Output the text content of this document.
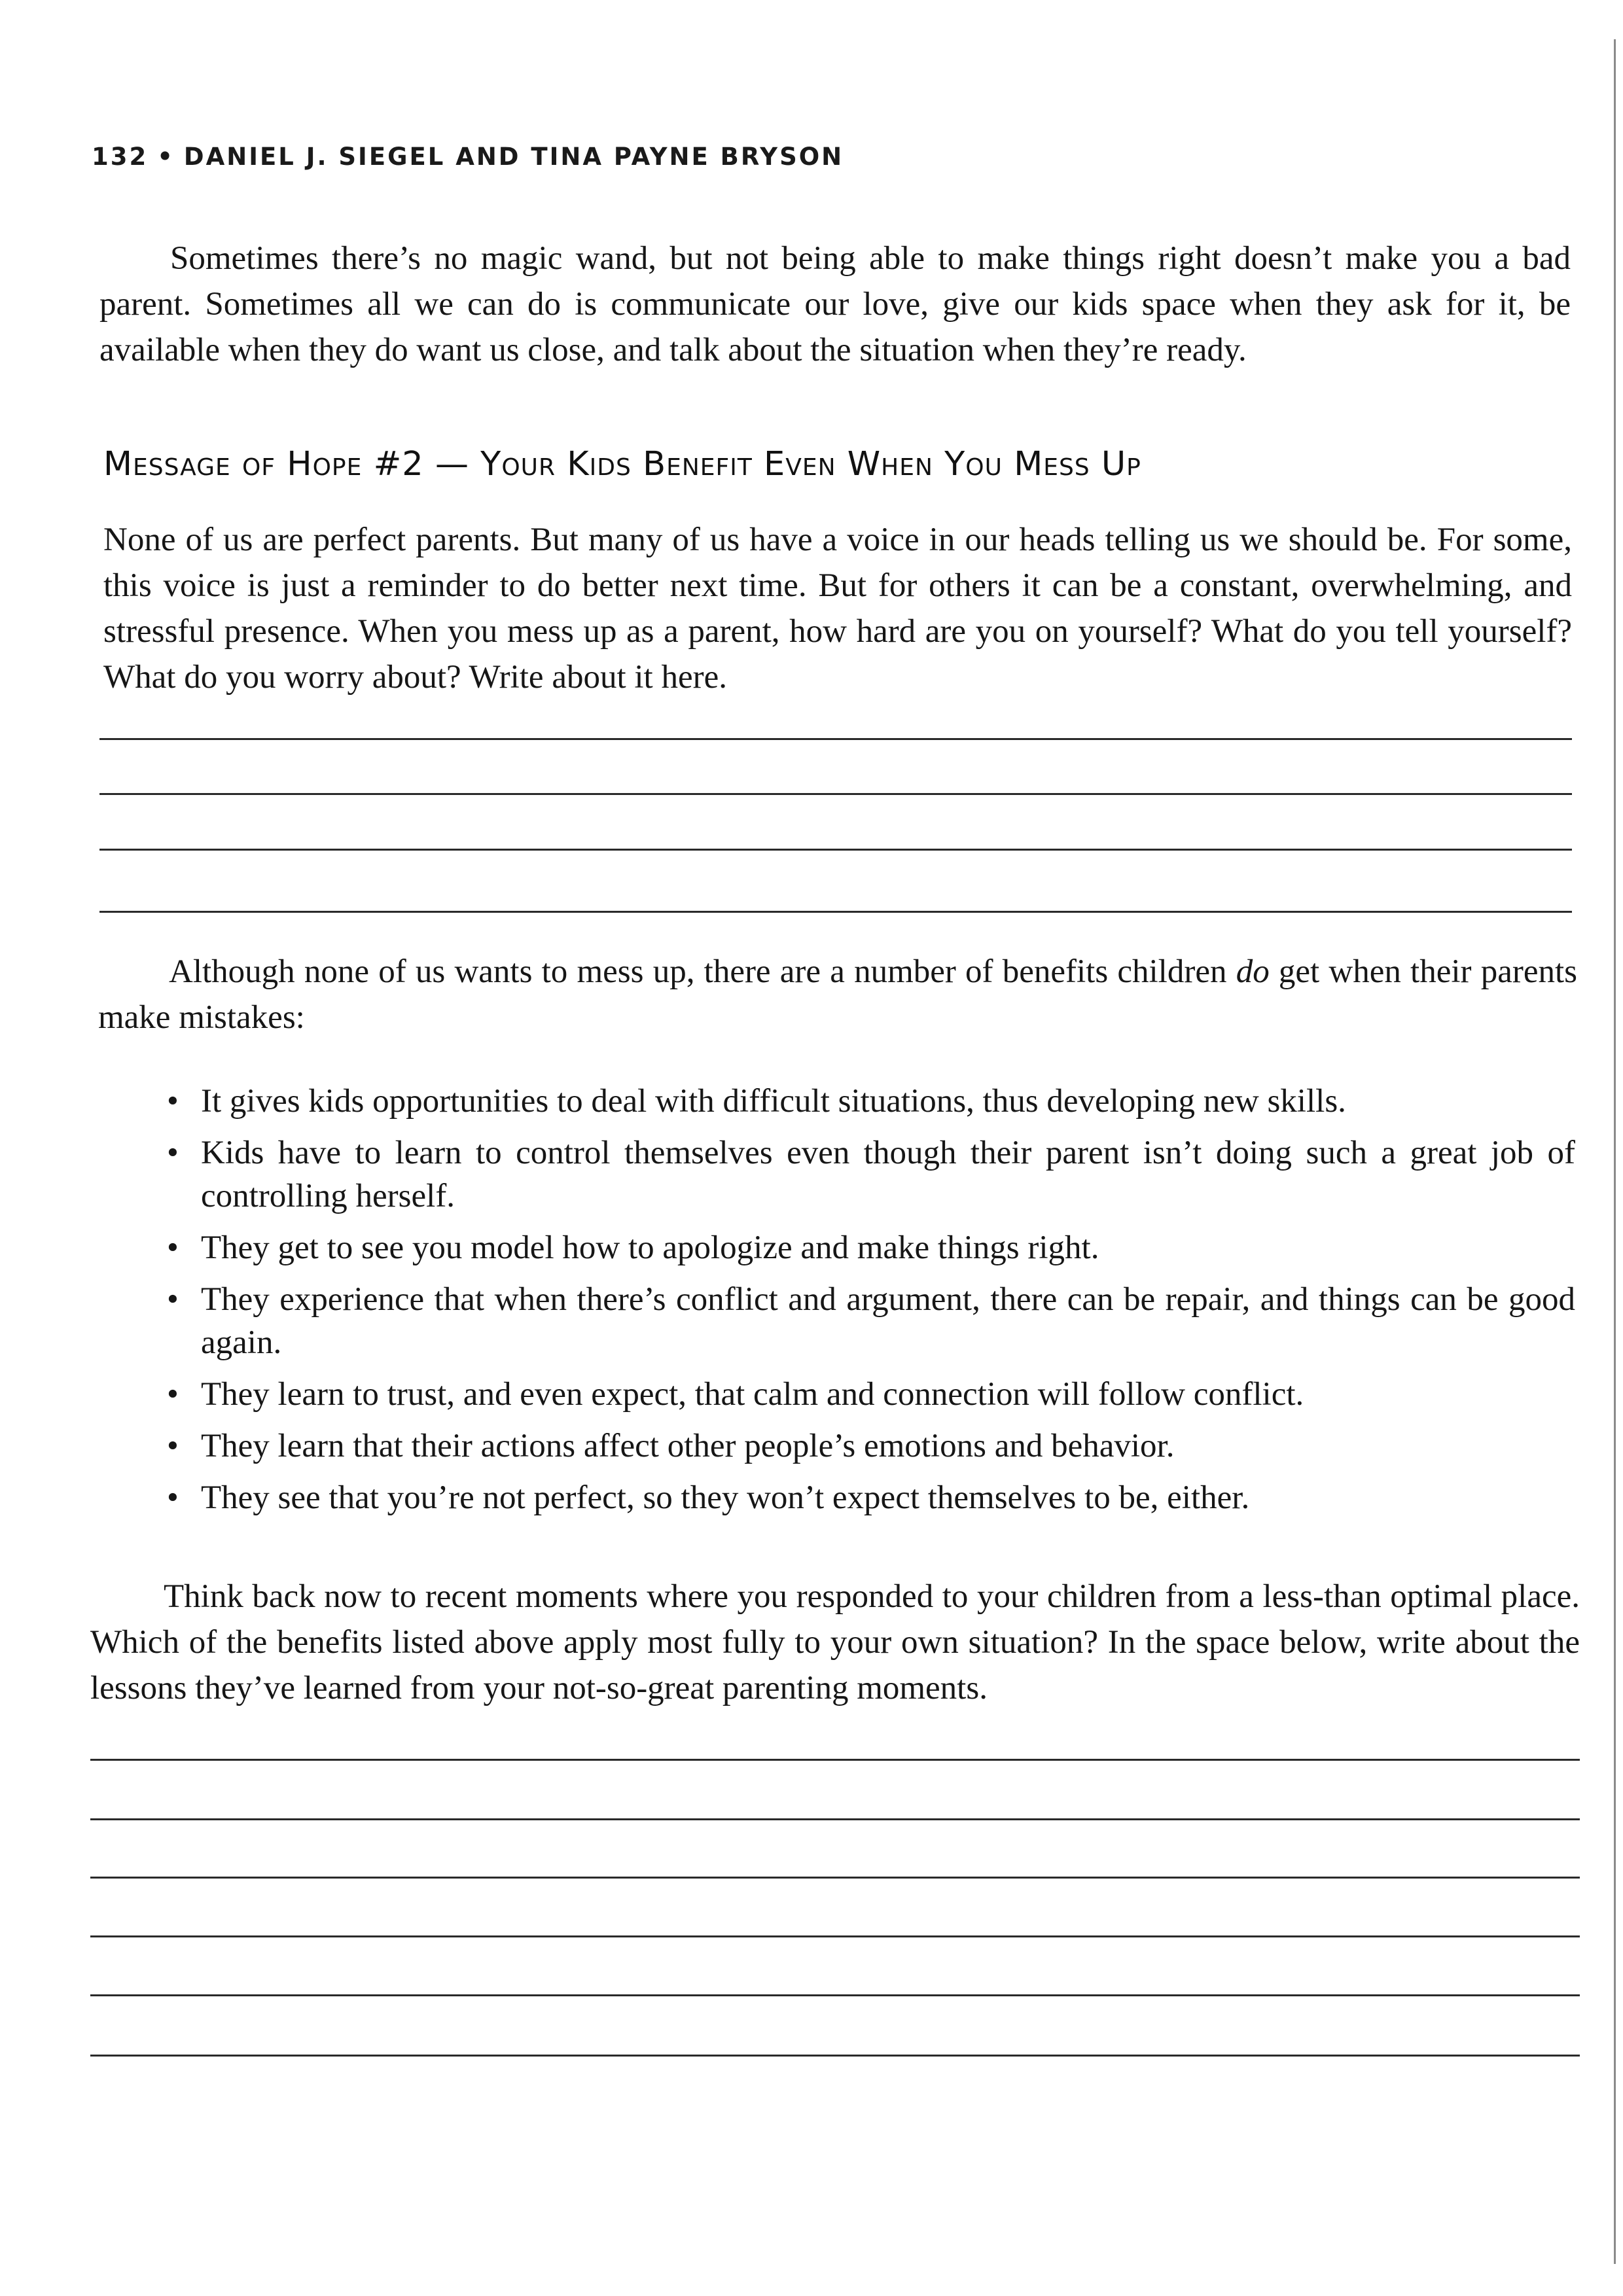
132 • DANIEL J. SIEGEL AND TINA PAYNE BRYSON

Sometimes there’s no magic wand, but not being able to make things right doesn’t make you a bad parent. Sometimes all we can do is communicate our love, give our kids space when they ask for it, be available when they do want us close, and talk about the situation when they’re ready.

Message of Hope #2 — Your Kids Benefit Even When You Mess Up

None of us are perfect parents. But many of us have a voice in our heads telling us we should be. For some, this voice is just a reminder to do better next time. But for others it can be a constant, overwhelming, and stressful presence. When you mess up as a parent, how hard are you on yourself? What do you tell yourself? What do you worry about? Write about it here.

Although none of us wants to mess up, there are a number of benefits children do get when their parents make mistakes:

• It gives kids opportunities to deal with difficult situations, thus developing new skills.
• Kids have to learn to control themselves even though their parent isn’t doing such a great job of controlling herself.
• They get to see you model how to apologize and make things right.
• They experience that when there’s conflict and argument, there can be repair, and things can be good again.
• They learn to trust, and even expect, that calm and connection will follow conflict.
• They learn that their actions affect other people’s emotions and behavior.
• They see that you’re not perfect, so they won’t expect themselves to be, either.

Think back now to recent moments where you responded to your children from a less-than optimal place. Which of the benefits listed above apply most fully to your own situation? In the space below, write about the lessons they’ve learned from your not-so-great parenting moments.
